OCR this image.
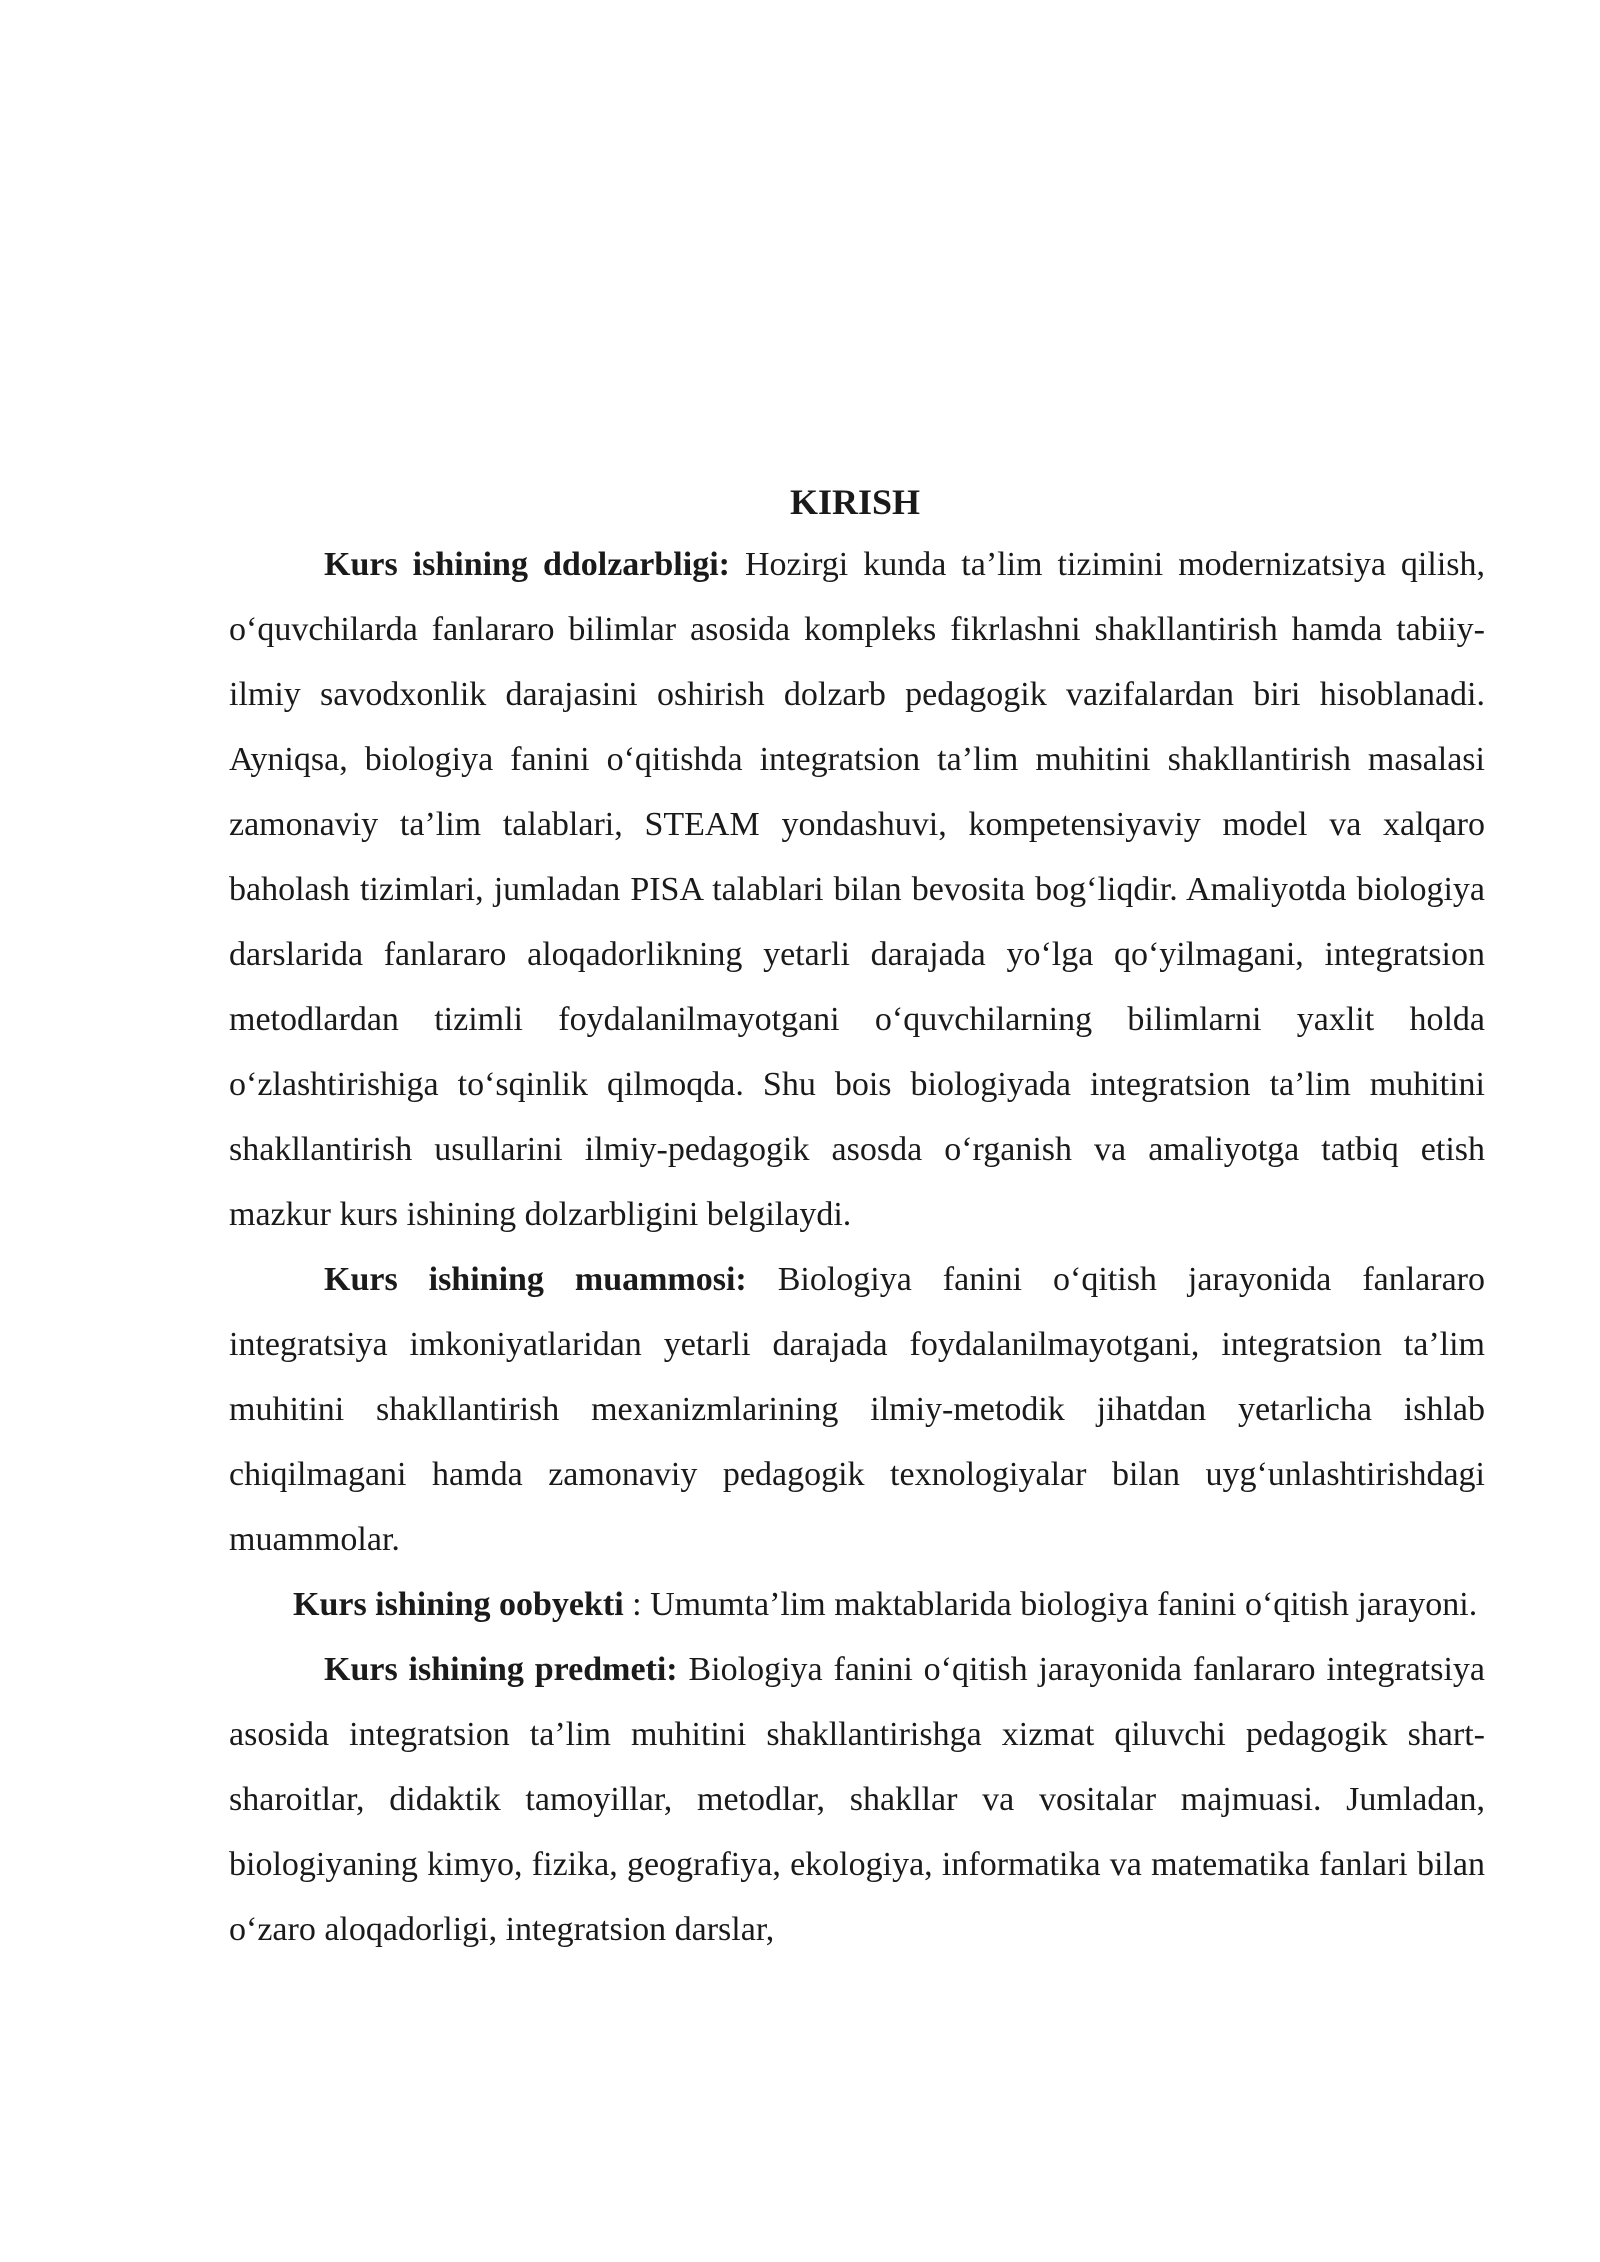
KIRISH

Kurs ishining ddolzarbligi: Hozirgi kunda ta’lim tizimini modernizatsiya qilish, o‘quvchilarda fanlararo bilimlar asosida kompleks fikrlashni shakllantirish hamda tabiiy-ilmiy savodxonlik darajasini oshirish dolzarb pedagogik vazifalardan biri hisoblanadi. Ayniqsa, biologiya fanini o‘qitishda integratsion ta’lim muhitini shakllantirish masalasi zamonaviy ta’lim talablari, STEAM yondashuvi, kompetensiyaviy model va xalqaro baholash tizimlari, jumladan PISA talablari bilan bevosita bog‘liqdir. Amaliyotda biologiya darslarida fanlararo aloqadorlikning yetarli darajada yo‘lga qo‘yilmagani, integratsion metodlardan tizimli foydalanilmayotgani o‘quvchilarning bilimlarni yaxlit holda o‘zlashtirishiga to‘sqinlik qilmoqda. Shu bois biologiyada integratsion ta’lim muhitini shakllantirish usullarini ilmiy-pedagogik asosda o‘rganish va amaliyotga tatbiq etish mazkur kurs ishining dolzarbligini belgilaydi.

Kurs ishining muammosi: Biologiya fanini o‘qitish jarayonida fanlararo integratsiya imkoniyatlaridan yetarli darajada foydalanilmayotgani, integratsion ta’lim muhitini shakllantirish mexanizmlarining ilmiy-metodik jihatdan yetarlicha ishlab chiqilmagani hamda zamonaviy pedagogik texnologiyalar bilan uyg‘unlashtirishdagi muammolar.

Kurs ishining oobyekti : Umumta’lim maktablarida biologiya fanini o‘qitish jarayoni.

Kurs ishining predmeti: Biologiya fanini o‘qitish jarayonida fanlararo integratsiya asosida integratsion ta’lim muhitini shakllantirishga xizmat qiluvchi pedagogik shart-sharoitlar, didaktik tamoyillar, metodlar, shakllar va vositalar majmuasi. Jumladan, biologiyaning kimyo, fizika, geografiya, ekologiya, informatika va matematika fanlari bilan o‘zaro aloqadorligi, integratsion darslar,
